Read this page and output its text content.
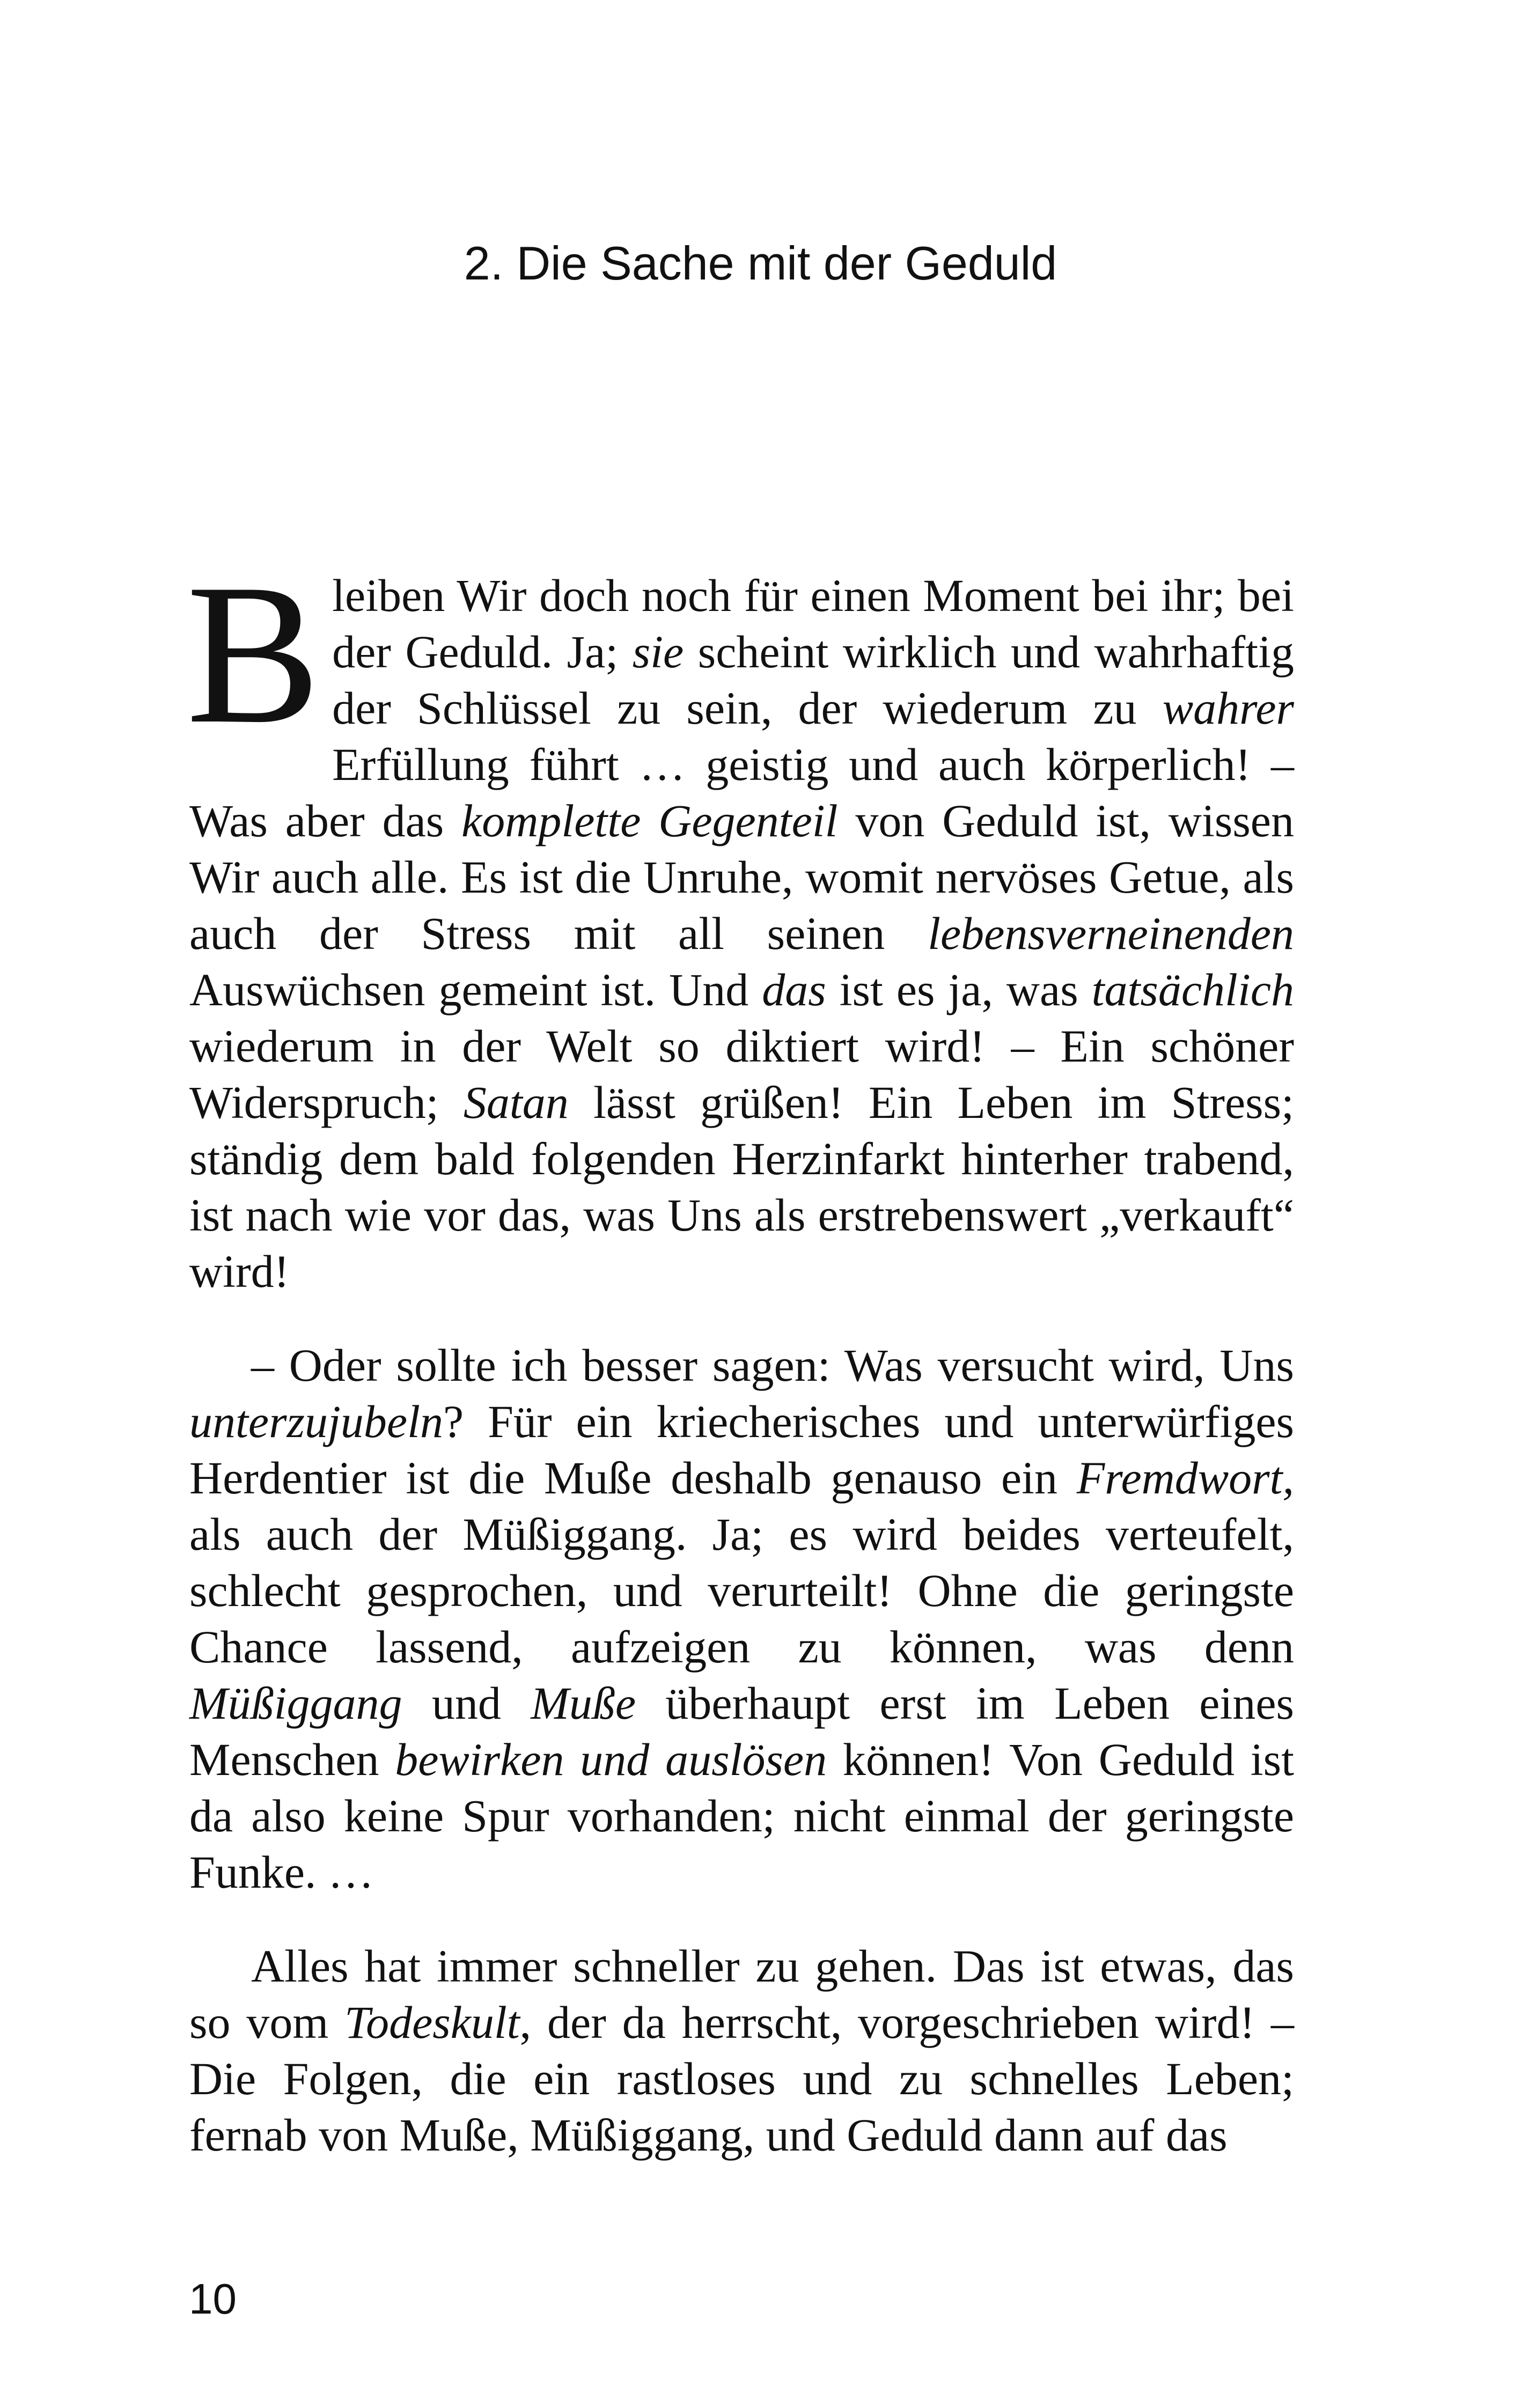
2. Die Sache mit der Geduld

Bleiben Wir doch noch für einen Moment bei ihr; bei der Geduld. Ja; sie scheint wirklich und wahrhaftig der Schlüssel zu sein, der wiederum zu wahrer Erfüllung führt … geistig und auch körperlich! – Was aber das komplette Gegenteil von Geduld ist, wissen Wir auch alle. Es ist die Unruhe, womit nervöses Getue, als auch der Stress mit all seinen lebensverneinenden Auswüchsen gemeint ist. Und das ist es ja, was tatsächlich wiederum in der Welt so diktiert wird! – Ein schöner Widerspruch; Satan lässt grüßen! Ein Leben im Stress; ständig dem bald folgenden Herzinfarkt hinterher trabend, ist nach wie vor das, was Uns als erstrebenswert „verkauft“ wird!

– Oder sollte ich besser sagen: Was versucht wird, Uns unterzujubeln? Für ein kriecherisches und unterwürfiges Herdentier ist die Muße deshalb genauso ein Fremdwort, als auch der Müßiggang. Ja; es wird beides verteufelt, schlecht gesprochen, und verurteilt! Ohne die geringste Chance lassend, aufzeigen zu können, was denn Müßiggang und Muße überhaupt erst im Leben eines Menschen bewirken und auslösen können! Von Geduld ist da also keine Spur vorhanden; nicht einmal der geringste Funke. …

Alles hat immer schneller zu gehen. Das ist etwas, das so vom Todeskult, der da herrscht, vorgeschrieben wird! – Die Folgen, die ein rastloses und zu schnelles Leben; fernab von Muße, Müßiggang, und Geduld dann auf das

10
